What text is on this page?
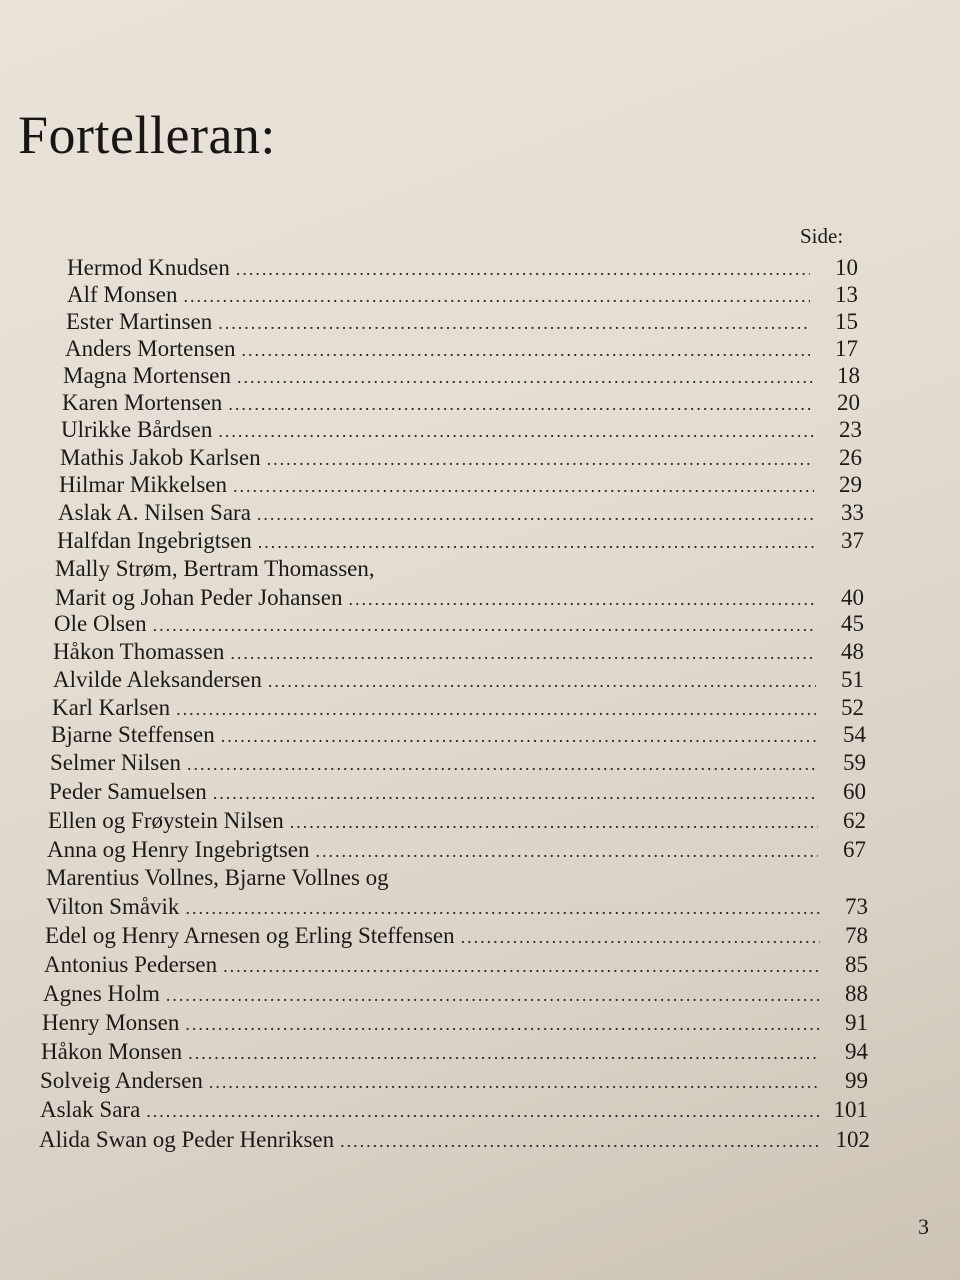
Fortelleran:
Side:
Hermod Knudsen .....	10
Alf Monsen .....	13
Ester Martinsen .....	15
Anders Mortensen .....	17
Magna Mortensen .....	18
Karen Mortensen .....	20
Ulrikke Bårdsen .....	23
Mathis Jakob Karlsen .....	26
Hilmar Mikkelsen .....	29
Aslak A. Nilsen Sara .....	33
Halfdan Ingebrigtsen .....	37
Mally Strøm, Bertram Thomassen,
Marit og Johan Peder Johansen .....	40
Ole Olsen .....	45
Håkon Thomassen .....	48
Alvilde Aleksandersen .....	51
Karl Karlsen .....	52
Bjarne Steffensen .....	54
Selmer Nilsen .....	59
Peder Samuelsen .....	60
Ellen og Frøystein Nilsen .....	62
Anna og Henry Ingebrigtsen .....	67
Marentius Vollnes, Bjarne Vollnes og
Vilton Småvik .....	73
Edel og Henry Arnesen og Erling Steffensen .....	78
Antonius Pedersen .....	85
Agnes Holm .....	88
Henry Monsen .....	91
Håkon Monsen .....	94
Solveig Andersen .....	99
Aslak Sara .....	101
Alida Swan og Peder Henriksen .....	102
3
